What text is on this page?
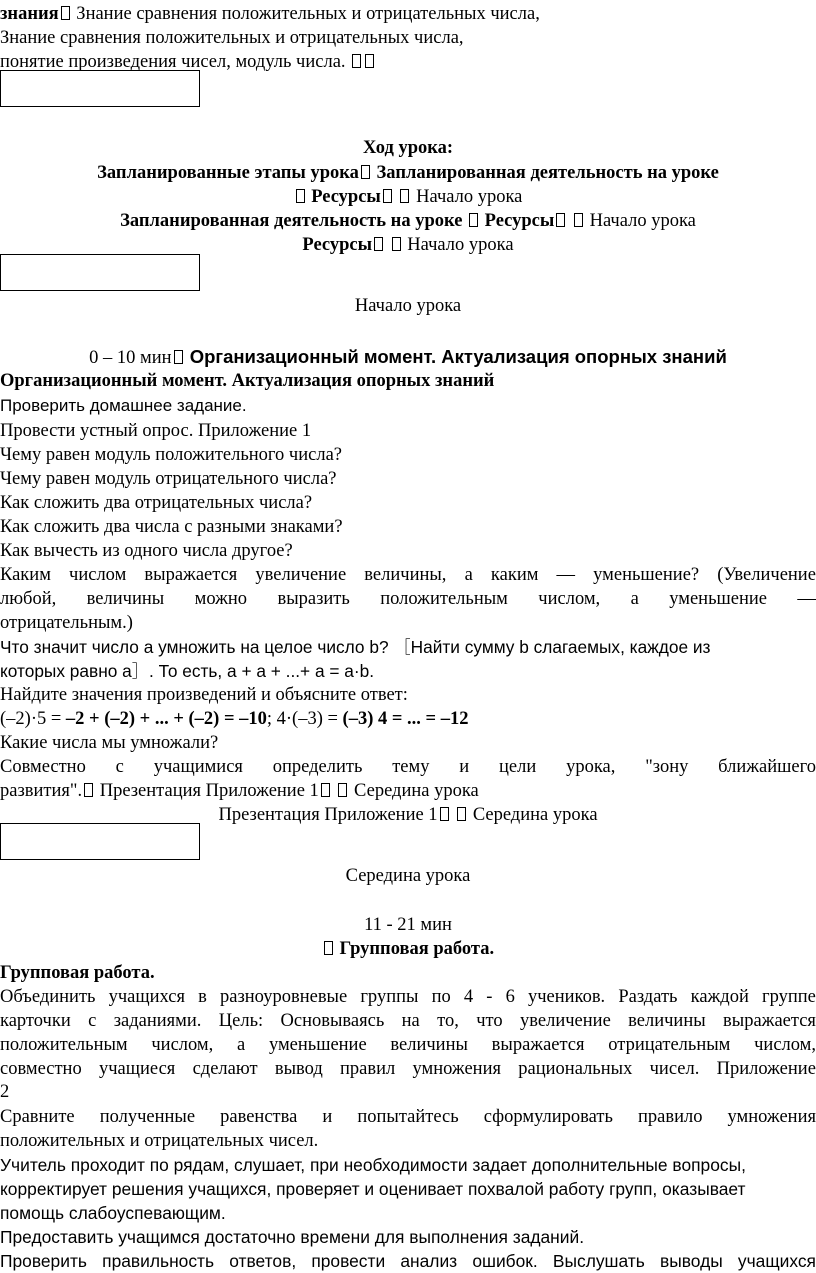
знания Знание сравнения положительных и отрицательных числа,
Знание сравнения положительных и отрицательных числа,
понятие произведения чисел, модуль числа.
Ход урока:
Запланированные этапы урока Запланированная деятельность на уроке
Ресурсы  Начало урока
Запланированная деятельность на уроке  Ресурсы  Начало урока
Ресурсы  Начало урока
Начало урока
0 – 10 мин Организационный момент. Актуализация опорных знаний
Организационный момент. Актуализация опорных знаний
Проверить домашнее задание.
Провести устный опрос. Приложение 1
Чему равен модуль положительного числа?
Чему равен модуль отрицательного числа?
Как сложить два отрицательных числа?
Как сложить два числа с разными знаками?
Как вычесть из одного числа другое?
Каким числом выражается увеличение величины, а каким — уменьшение? (Увеличение
любой, величины можно выразить положительным числом, а уменьшение —
отрицательным.)
Что значит число a умножить на целое число b? ［Найти сумму b слагаемых, каждое из
которых равно a］. То есть, a + a + ...+ a = a·b.
Найдите значения произведений и объясните ответ:
(–2)·5 = –2 + (–2) + ... + (–2) = –10; 4·(–3) = (–3) 4 = ... = –12
Какие числа мы умножали?
Совместно с учащимися определить тему и цели урока, "зону ближайшего
развития". Презентация Приложение 1  Середина урока
Презентация Приложение 1  Середина урока
Середина урока
11 - 21 мин
Групповая работа.
Групповая работа.
Объединить учащихся в разноуровневые группы по 4 - 6 учеников. Раздать каждой группе
карточки с заданиями. Цель: Основываясь на то, что увеличение величины выражается
положительным числом, а уменьшение величины выражается отрицательным числом,
совместно учащиеся сделают вывод правил умножения рациональных чисел. Приложение
2
Сравните полученные равенства и попытайтесь сформулировать правило умножения
положительных и отрицательных чисел.
Учитель проходит по рядам, слушает, при необходимости задает дополнительные вопросы,
корректирует решения учащихся, проверяет и оценивает похвалой работу групп, оказывает
помощь слабоуспевающим.
Предоставить учащимся достаточно времени для выполнения заданий.
Проверить правильность ответов, провести анализ ошибок. Выслушать выводы учащихся
